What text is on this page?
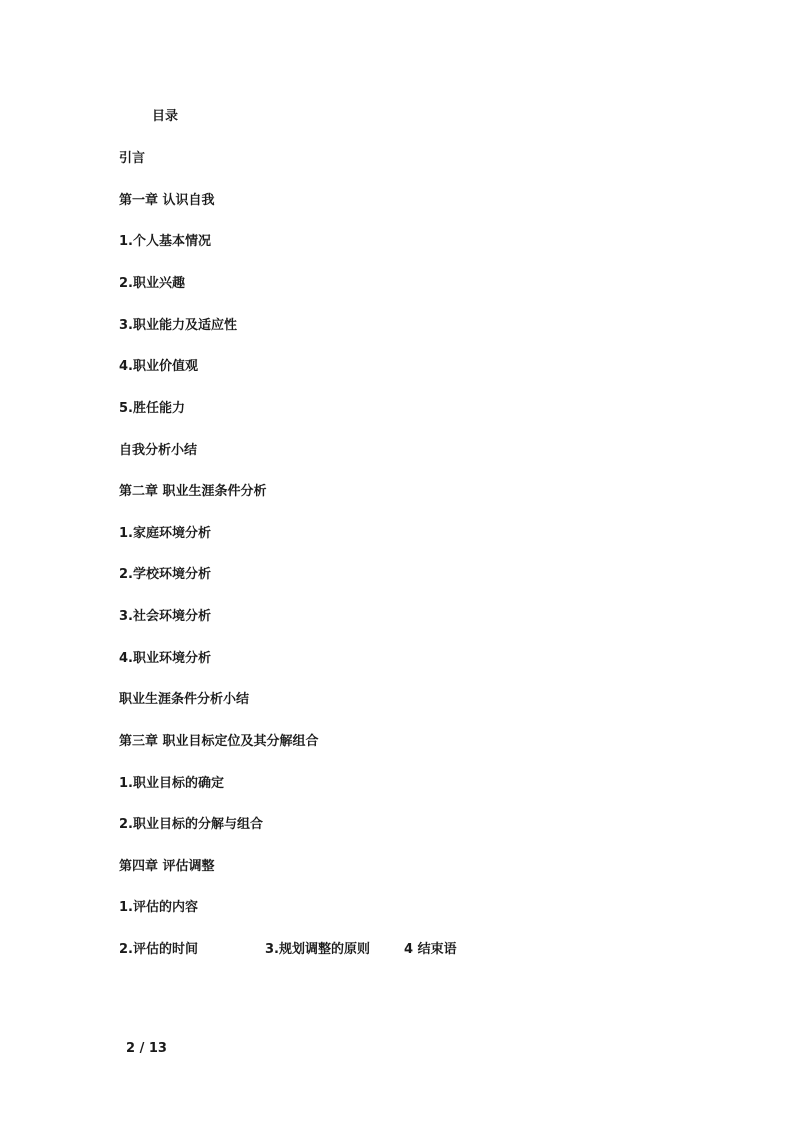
目录

引言

第一章 认识自我

1.个人基本情况

2.职业兴趣

3.职业能力及适应性

4.职业价值观

5.胜任能力

自我分析小结

第二章 职业生涯条件分析

1.家庭环境分析

2.学校环境分析

3.社会环境分析

4.职业环境分析

职业生涯条件分析小结

第三章 职业目标定位及其分解组合

1.职业目标的确定

2.职业目标的分解与组合

第四章 评估调整

1.评估的内容

2.评估的时间	3.规划调整的原则	4 结束语
2 / 13
